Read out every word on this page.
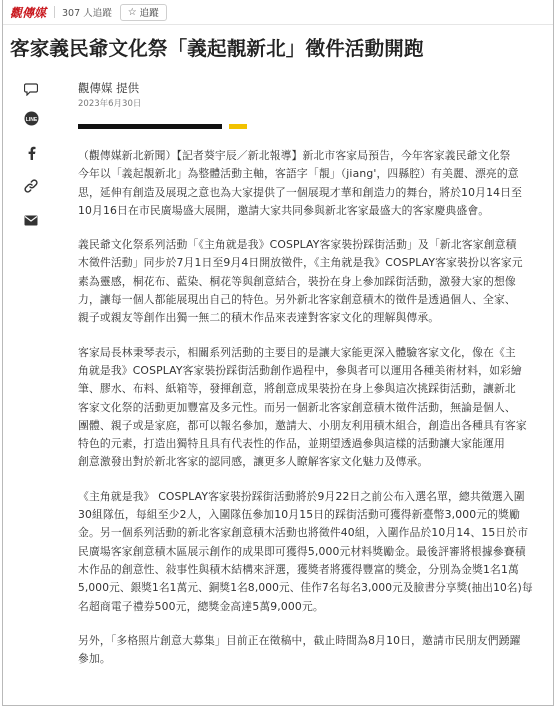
觀傳媒 307 人追蹤 ☆ 追蹤
客家義民爺文化祭「義起靚新北」徵件活動開跑
LINE
觀傳媒 提供
2023年6月30日

（觀傳媒新北新聞）【記者葵宇辰／新北報導】新北市客家局預告，今年客家義民爺文化祭
今年以「義起靚新北」為整體活動主軸，客語字「靚」（jiang'，四縣腔）有美麗、漂亮的意
思，延伸有創造及展現之意也為大家提供了一個展現才華和創造力的舞台，將於10月14日至
10月16日在市民廣場盛大展開，邀請大家共同參與新北客家最盛大的客家慶典盛會。

義民爺文化祭系列活動「《主角就是我》COSPLAY客家裝扮踩街活動」及「新北客家創意積
木徵件活動」同步於7月1日至9月4日開放徵件，《主角就是我》COSPLAY客家裝扮以客家元
素為靈感，桐花布、藍染、桐花等與創意結合，裝扮在身上參加踩街活動，激發大家的想像
力，讓每一個人都能展現出自己的特色。另外新北客家創意積木的徵件是透過個人、全家、
親子或親友等創作出獨一無二的積木作品來表達對客家文化的理解與傳承。

客家局長林秉琴表示，相關系列活動的主要目的是讓大家能更深入體驗客家文化，像在《主
角就是我》COSPLAY客家裝扮踩街活動創作過程中，參與者可以運用各種美術材料，如彩繪
筆、膠水、布料、紙箱等，發揮創意，將創意成果裝扮在身上參與這次挑踩街活動，讓新北
客家文化祭的活動更加豐富及多元性。而另一個新北客家創意積木徵件活動，無論是個人、
團體、親子或是家庭，都可以報名參加，邀請大、小朋友利用積木組合，創造出各種具有客家
特色的元素，打造出獨特且具有代表性的作品，並期望透過參與這樣的活動讓大家能運用
創意激發出對於新北客家的認同感，讓更多人瞭解客家文化魅力及傳承。

《主角就是我》 COSPLAY客家裝扮踩街活動將於9月22日之前公布入選名單，總共徵選入圍
30組隊伍，每組至少2人，入圍隊伍參加10月15日的踩街活動可獲得新臺幣3,000元的獎勵
金。另一個系列活動的新北客家創意積木活動也將徵件40組，入圍作品於10月14、15日於市
民廣場客家創意積木區展示創作的成果即可獲得5,000元材料獎勵金。最後評審將根據參賽積
木作品的創意性、敍事性與積木結構來評選，獲獎者將獲得豐富的獎金，分別為金獎1名1萬
5,000元、銀獎1名1萬元、銅獎1名8,000元、佳作7名每名3,000元及臉書分享獎(抽出10名)每
名超商電子禮券500元，總獎金高達5萬9,000元。

另外，「多格照片創意大募集」目前正在徵稿中，截止時間為8月10日，邀請市民朋友們踴躍
參加。
